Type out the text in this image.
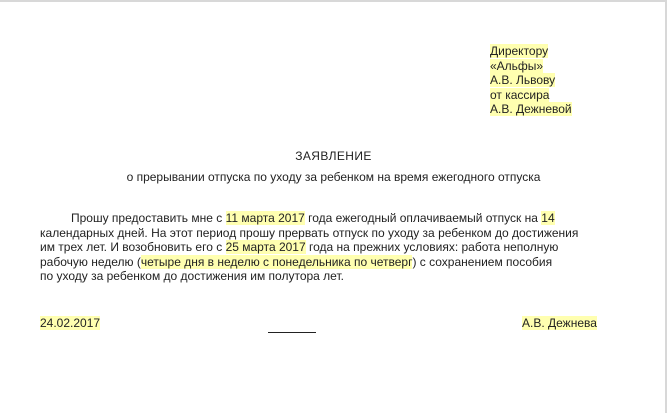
Директору
«Альфы»
А.В. Львову
от кассира
А.В. Дежневой
ЗАЯВЛЕНИЕ
о прерывании отпуска по уходу за ребенком на время ежегодного отпуска
Прошу предоставить мне с 11 марта 2017 года ежегодный оплачиваемый отпуск на 14
календарных дней. На этот период прошу прервать отпуск по уходу за ребенком до достижения
им трех лет. И возобновить его с 25 марта 2017 года на прежних условиях: работа неполную
рабочую неделю (четыре дня в неделю с понедельника по четверг) с сохранением пособия
по уходу за ребенком до достижения им полутора лет.
24.02.2017	А.В. Дежнева
